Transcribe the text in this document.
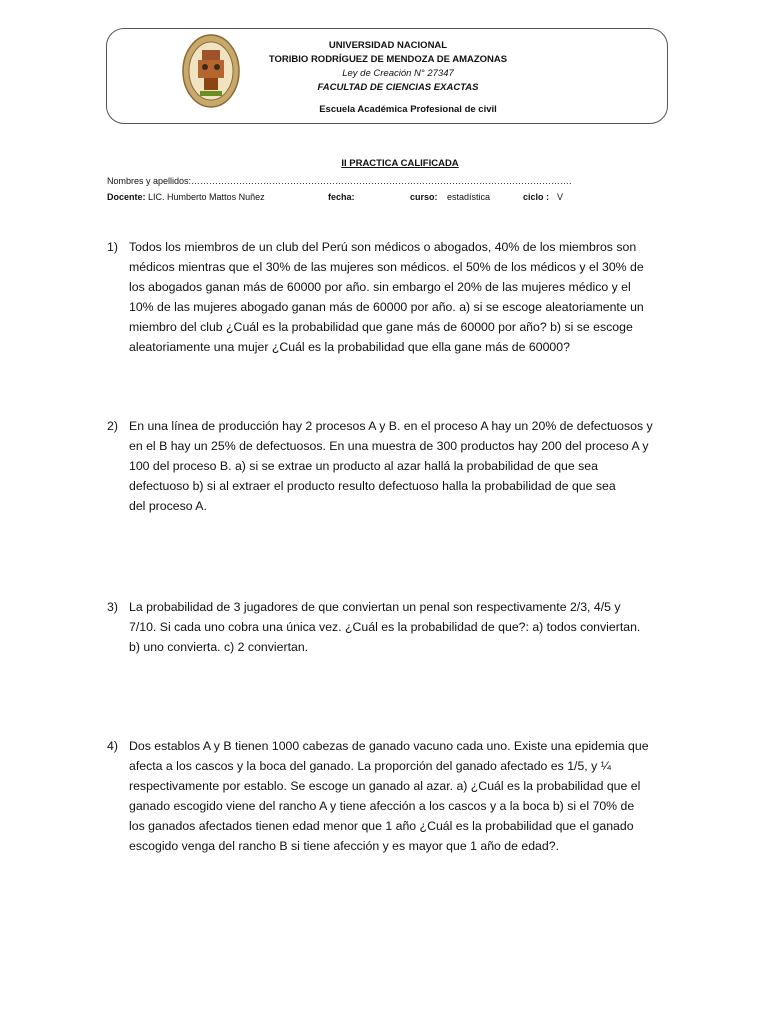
UNIVERSIDAD NACIONAL
TORIBIO RODRÍGUEZ DE MENDOZA DE AMAZONAS
Ley de Creación N° 27347
FACULTAD DE CIENCIAS EXACTAS
Escuela Académica Profesional de civil
II PRACTICA CALIFICADA
Nombres y apellidos:……………………………………………………………………………………………………………….
Docente: LIC. Humberto Mattos Nuñez	fecha:	curso: estadística	ciclo : V
1) Todos los miembros de un club del Perú son médicos o abogados, 40% de los miembros son
médicos mientras que el 30% de las mujeres son médicos. el 50% de los médicos y el 30% de
los abogados ganan más de 60000 por año. sin embargo el 20% de las mujeres médico y el
10% de las mujeres abogado ganan más de 60000 por año. a) si se escoge aleatoriamente un
miembro del club ¿Cuál es la probabilidad que gane más de 60000 por año? b) si se escoge
aleatoriamente una mujer ¿Cuál es la probabilidad que ella gane más de 60000?
2) En una línea de producción hay 2 procesos A y B. en el proceso A hay un 20% de defectuosos y
en el B hay un 25% de defectuosos. En una muestra de 300 productos hay 200 del proceso A y
100 del proceso B. a) si se extrae un producto al azar hallá la probabilidad de que sea
defectuoso b) si al extraer el producto resulto defectuoso halla la probabilidad de que sea
del proceso A.
3) La probabilidad de 3 jugadores de que conviertan un penal son respectivamente 2/3, 4/5 y
7/10. Si cada uno cobra una única vez. ¿Cuál es la probabilidad de que?: a) todos conviertan.
b) uno convierta. c) 2 conviertan.
4) Dos establos A y B tienen 1000 cabezas de ganado vacuno cada uno. Existe una epidemia que
afecta a los cascos y la boca del ganado. La proporción del ganado afectado es 1/5, y ¼
respectivamente por establo. Se escoge un ganado al azar. a) ¿Cuál es la probabilidad que el
ganado escogido viene del rancho A y tiene afección a los cascos y a la boca b) si el 70% de
los ganados afectados tienen edad menor que 1 año ¿Cuál es la probabilidad que el ganado
escogido venga del rancho B si tiene afección y es mayor que 1 año de edad?.
